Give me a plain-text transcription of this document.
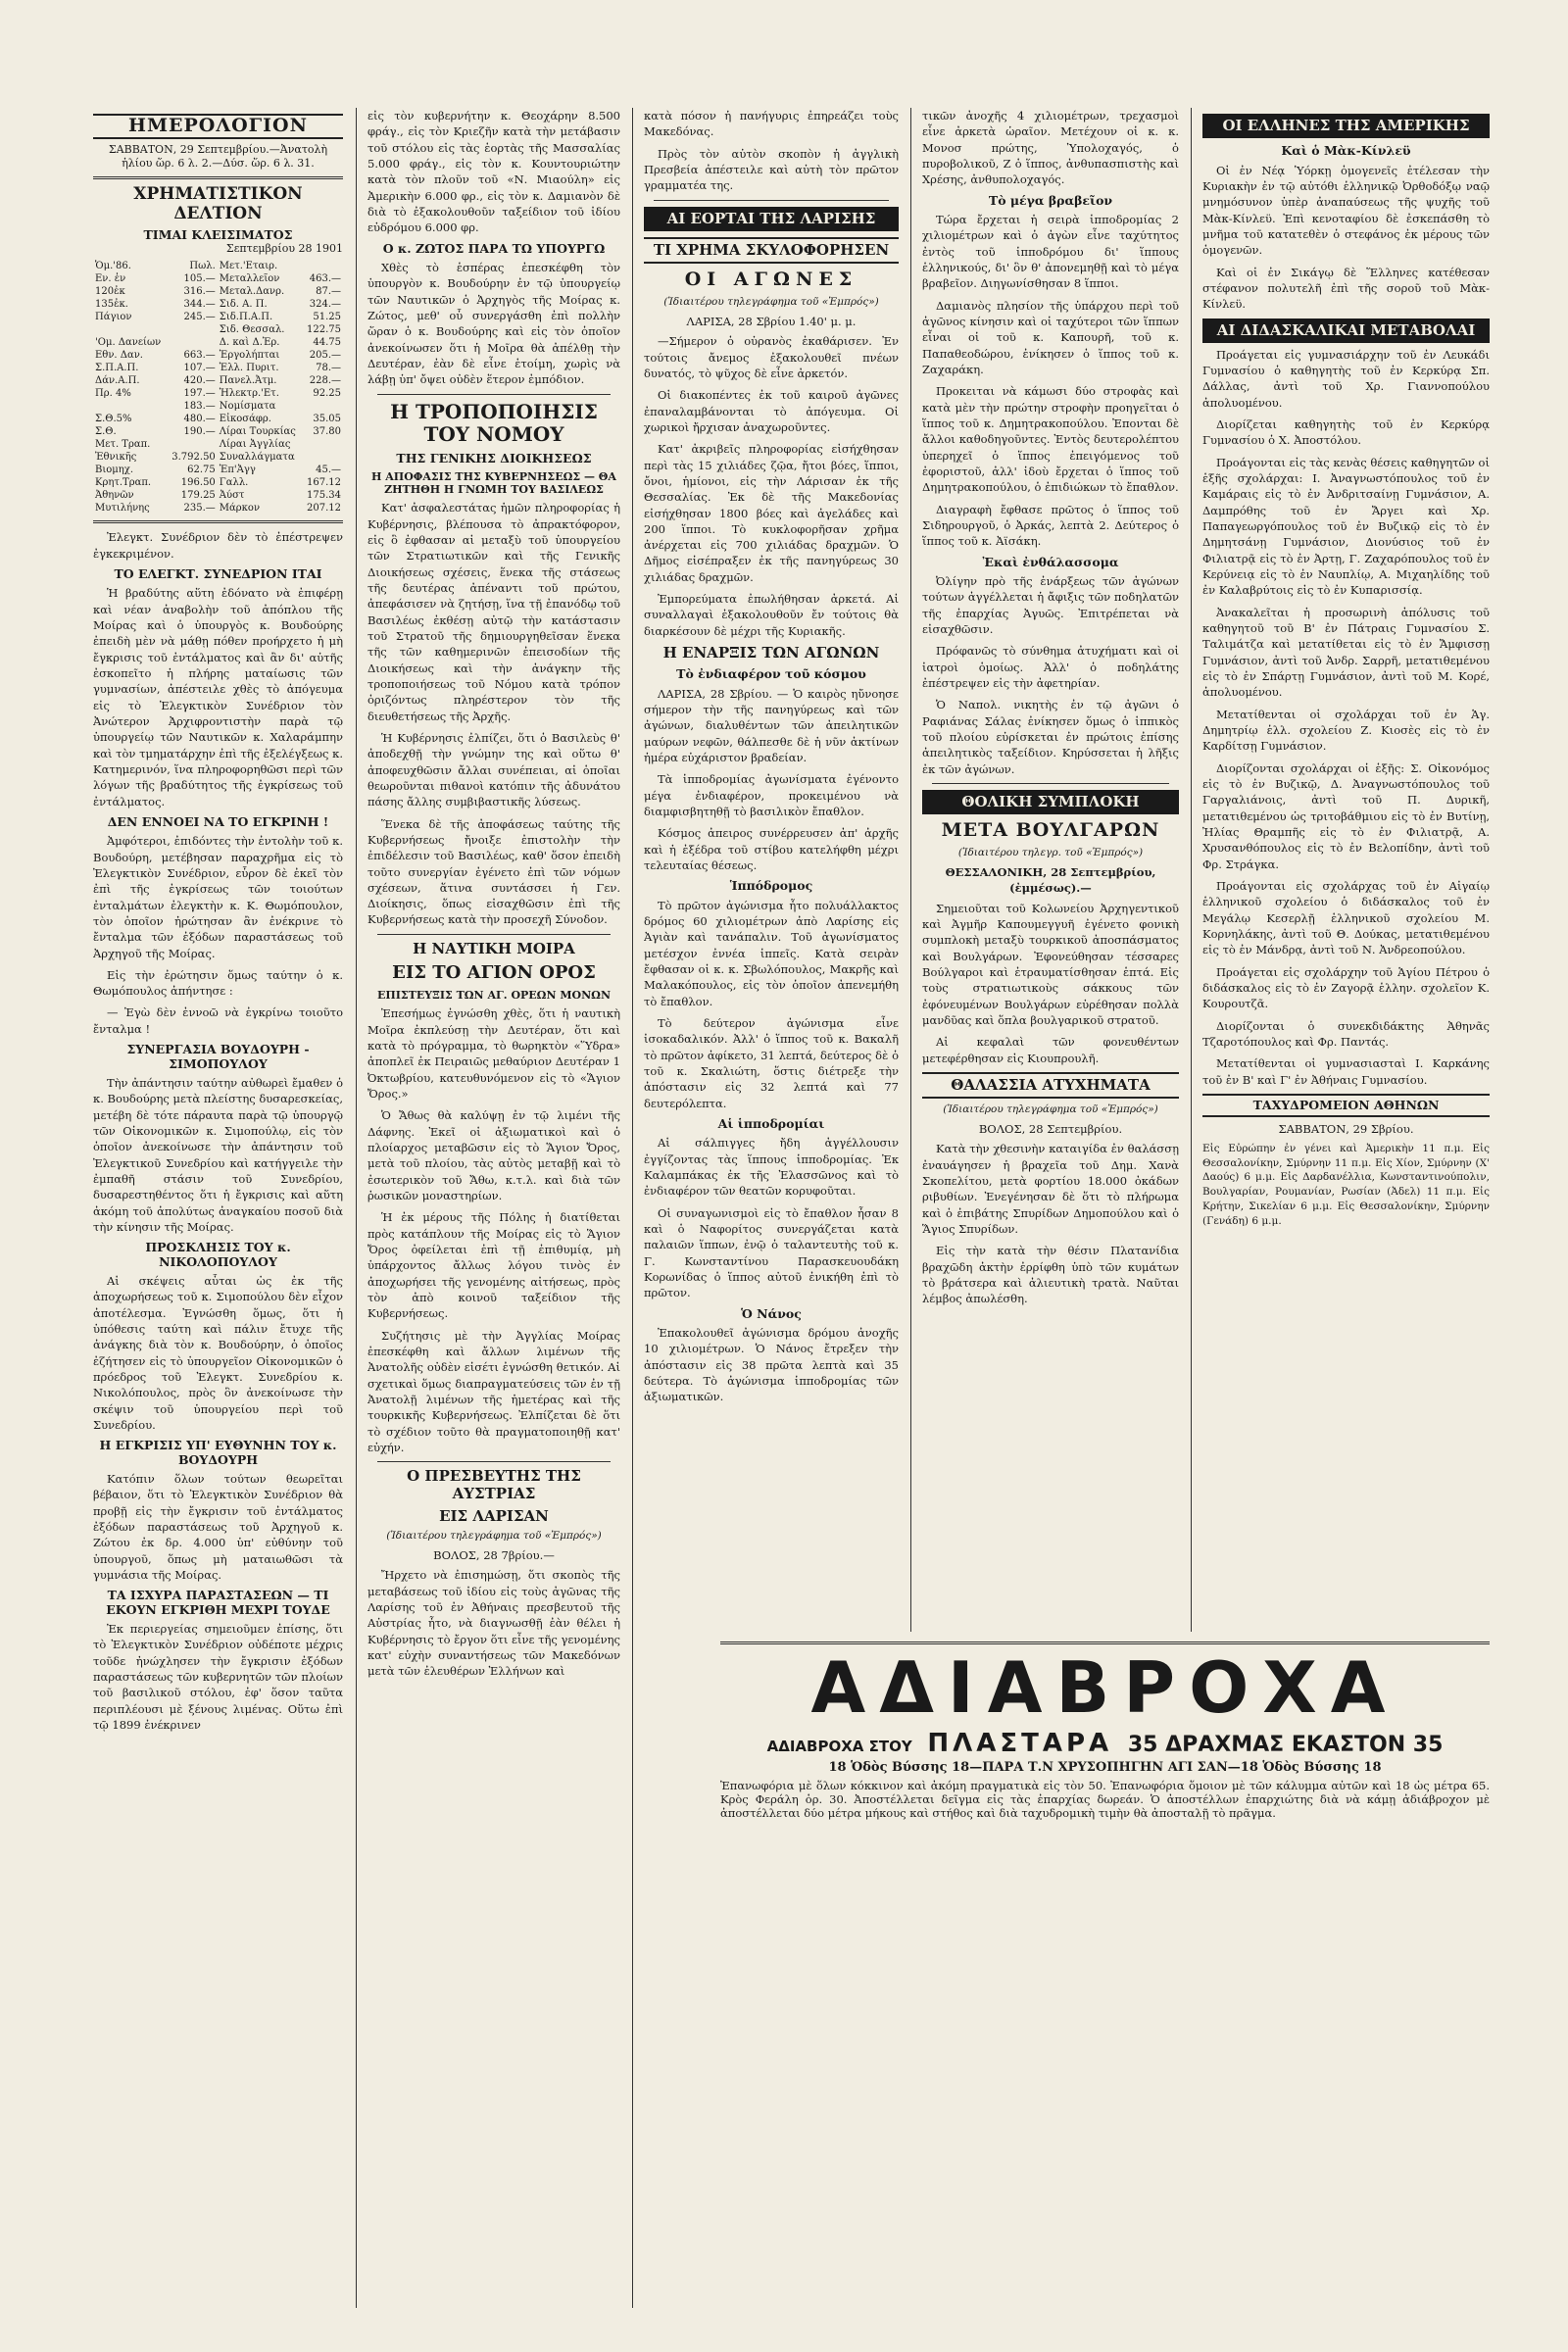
ΗΜΕΡΟΛΟΓΙΟΝ
ΣΑΒΒΑΤΟΝ, 29 Σεπτεμβρίου.—Ἀνατολὴ ἡλίου ὥρ. 6 λ. 2.—Δύσ. ὥρ. 6 λ. 31.
ΧΡΗΜΑΤΙΣΤΙΚΟΝ ΔΕΛΤΙΟΝ
ΤΙΜΑΙ ΚΛΕΙΣΙΜΑΤΟΣ
Σεπτεμβρίου 28 1901
Ὁμ.'86.	Πωλ.	Μετ.'Εταιρ.	
Εν. ἐν	105.—	Μεταλλεῖον	463.—
120ἐκ	316.—	Μεταλ.Δανρ.	87.—
135ἐκ.	344.—	Σιδ. Α. Π.	324.—
Πάγιον	245.—	Σιδ.Π.Α.Π.	51.25
		Σιδ. Θεσσαλ.	122.75
'Ομ. Δανείων		Δ. καὶ Δ.Ἐρ.	44.75
Εθν. Δαν.	663.—	Ἐργολήπται	205.—
Σ.Π.Α.Π.	107.—	Ἑλλ. Πυριτ.	78.—
Δάν.Α.Π.	420.—	Πανελ.Ἀτμ.	228.—
Πρ. 4%	197.—	Ἠλεκτρ.'Ετ.	92.25
	183.—	Νομίσματα	
Σ.Θ.5%	480.—	Εἰκοσάφρ.	35.05
Σ.Θ.	190.—	Λίραι Τουρκίας	37.80
Μετ. Τραπ.		Λίραι Ἀγγλίας	
Ἐθνικῆς	3.792.50	Συναλλάγματα	
Βιομηχ.	62.75	Ἐπ'Ἀγγ	45.—
Κρητ.Τραπ.	196.50	Γαλλ.	167.12
Ἀθηνῶν	179.25	Ἀύστ	175.34
Μυτιλήνης	235.—	Μάρκον	207.12

Ἐλεγκτ. Συνέδριον δὲν τὸ ἐπέστρεψεν ἐγκεκριμένον.

ΤΟ ΕΛΕΓΚΤ. ΣΥΝΕΔΡΙΟΝ ΙΤΑΙ

Ἡ βραδύτης αὕτη ἐδόνατο νὰ ἐπιφέρῃ καὶ νέαν ἀναβολὴν τοῦ ἀπόπλου τῆς Μοίρας καὶ ὁ ὑπουργὸς κ. Βουδούρης ἐπειδὴ μὲν νὰ μάθῃ πόθεν προήρχετο ἡ μὴ ἔγκρισις τοῦ ἐντάλματος καὶ ἂν δι' αὐτῆς ἐσκοπεῖτο ἡ πλήρης ματαίωσις τῶν γυμνασίων, ἀπέστειλε χθὲς τὸ ἀπόγευμα εἰς τὸ Ἐλεγκτικὸν Συνέδριον τὸν Ἀνώτερον Ἀρχιφροντιστὴν παρὰ τῷ ὑπουργείῳ τῶν Ναυτικῶν κ. Χαλαράμπην καὶ τὸν τμηματάρχην ἐπὶ τῆς ἐξελέγξεως κ. Κατημερινόν, ἵνα πληροφορηθῶσι περὶ τῶν λόγων τῆς βραδύτητος τῆς ἐγκρίσεως τοῦ ἐντάλματος.

ΔΕΝ ΕΝΝΟΕΙ ΝΑ ΤΟ ΕΓΚΡΙΝΗ !

Ἀμφότεροι, ἐπιδόντες τὴν ἐντολὴν τοῦ κ. Βουδούρη, μετέβησαν παραχρῆμα εἰς τὸ Ἐλεγκτικὸν Συνέδριον, εὗρον δὲ ἐκεῖ τὸν ἐπὶ τῆς ἐγκρίσεως τῶν τοιούτων ἐνταλμάτων ἐλεγκτὴν κ. Κ. Θωμόπουλον, τὸν ὁποῖον ἠρώτησαν ἂν ἐνέκρινε τὸ ἔνταλμα τῶν ἐξόδων παραστάσεως τοῦ Ἀρχηγοῦ τῆς Μοίρας.

Εἰς τὴν ἐρώτησιν ὅμως ταύτην ὁ κ. Θωμόπουλος ἀπήντησε :

— Ἐγὼ δὲν ἐννοῶ νὰ ἐγκρίνω τοιοῦτο ἔνταλμα !

ΣΥΝΕΡΓΑΣΙΑ ΒΟΥΔΟΥΡΗ - ΣΙΜΟΠΟΥΛΟΥ

Τὴν ἀπάντησιν ταύτην αὐθωρεὶ ἔμαθεν ὁ κ. Βουδούρης μετὰ πλείστης δυσαρεσκείας, μετέβη δὲ τότε πάραυτα παρὰ τῷ ὑπουργῷ τῶν Οἰκονομικῶν κ. Σιμοπούλῳ, εἰς τὸν ὁποῖον ἀνεκοίνωσε τὴν ἀπάντησιν τοῦ Ἐλεγκτικοῦ Συνεδρίου καὶ κατήγγειλε τὴν ἐμπαθῆ στάσιν τοῦ Συνεδρίου, δυσαρεστηθέντος ὅτι ἡ ἔγκρισις καὶ αὕτη ἀκόμη τοῦ ἀπολύτως ἀναγκαίου ποσοῦ διὰ τὴν κίνησιν τῆς Μοίρας.

ΠΡΟΣΚΛΗΣΙΣ ΤΟΥ κ. ΝΙΚΟΛΟΠΟΥΛΟΥ

Αἱ σκέψεις αὗται ὡς ἐκ τῆς ἀποχωρήσεως τοῦ κ. Σιμοπούλου δὲν εἶχον ἀποτέλεσμα. Ἐγνώσθη ὅμως, ὅτι ἡ ὑπόθεσις ταύτη καὶ πάλιν ἔτυχε τῆς ἀνάγκης διὰ τὸν κ. Βουδούρην, ὁ ὁποῖος ἐζήτησεν εἰς τὸ ὑπουργεῖον Οἰκονομικῶν ὁ πρόεδρος τοῦ Ἐλεγκτ. Συνεδρίου κ. Νικολόπουλος, πρὸς ὃν ἀνεκοίνωσε τὴν σκέψιν τοῦ ὑπουργείου περὶ τοῦ Συνεδρίου.

Η ΕΓΚΡΙΣΙΣ ΥΠ' ΕΥΘΥΝΗΝ ΤΟΥ κ. ΒΟΥΔΟΥΡΗ

Κατόπιν ὅλων τούτων θεωρεῖται βέβαιον, ὅτι τὸ Ἐλεγκτικὸν Συνέδριον θὰ προβῇ εἰς τὴν ἔγκρισιν τοῦ ἐντάλματος ἐξόδων παραστάσεως τοῦ Ἀρχηγοῦ κ. Ζώτου ἐκ δρ. 4.000 ὑπ' εὐθύνην τοῦ ὑπουργοῦ, ὅπως μὴ ματαιωθῶσι τὰ γυμνάσια τῆς Μοίρας.

ΤΑ ΙΣΧΥΡΑ ΠΑΡΑΣΤΑΣΕΩΝ — ΤΙ ΕΚΟΥΝ ΕΓΚΡΙΘΗ ΜΕΧΡΙ ΤΟΥΔΕ

Ἐκ περιεργείας σημειοῦμεν ἐπίσης, ὅτι τὸ Ἐλεγκτικὸν Συνέδριον οὐδέποτε μέχρις τοῦδε ἠνώχλησεν τὴν ἔγκρισιν ἐξόδων παραστάσεως τῶν κυβερνητῶν τῶν πλοίων τοῦ βασιλικοῦ στόλου, ἐφ' ὅσον ταῦτα περιπλέουσι μὲ ξένους λιμένας. Οὕτω ἐπὶ τῷ 1899 ἐνέκρινεν

εἰς τὸν κυβερνήτην κ. Θεοχάρην 8.500 φράγ., εἰς τὸν Κριεζῆν κατὰ τὴν μετάβασιν τοῦ στόλου εἰς τὰς ἑορτὰς τῆς Μασσαλίας 5.000 φράγ., εἰς τὸν κ. Κουντουριώτην κατὰ τὸν πλοῦν τοῦ «Ν. Μιαούλη» εἰς Ἀμερικὴν 6.000 φρ., εἰς τὸν κ. Δαμιανὸν δὲ διὰ τὸ ἐξακολουθοῦν ταξείδιον τοῦ ἰδίου εὐδρόμου 6.000 φρ.

Ο κ. ΖΩΤΟΣ ΠΑΡΑ ΤΩ ΥΠΟΥΡΓΩ

Χθὲς τὸ ἑσπέρας ἐπεσκέφθη τὸν ὑπουργὸν κ. Βουδούρην ἐν τῷ ὑπουργείῳ τῶν Ναυτικῶν ὁ Ἀρχηγὸς τῆς Μοίρας κ. Ζώτος, μεθ' οὗ συνεργάσθη ἐπὶ πολλὴν ὥραν ὁ κ. Βουδούρης καὶ εἰς τὸν ὁποῖον ἀνεκοίνωσεν ὅτι ἡ Μοῖρα θὰ ἀπέλθῃ τὴν Δευτέραν, ἐὰν δὲ εἶνε ἑτοίμη, χωρὶς νὰ λάβῃ ὑπ' ὄψει οὐδὲν ἕτερον ἐμπόδιον.

Η ΤΡΟΠΟΠΟΙΗΣΙΣ ΤΟΥ ΝΟΜΟΥ
ΤΗΣ ΓΕΝΙΚΗΣ ΔΙΟΙΚΗΣΕΩΣ
Η ΑΠΟΦΑΣΙΣ ΤΗΣ ΚΥΒΕΡΝΗΣΕΩΣ — ΘΑ ΖΗΤΗΘΗ Η ΓΝΩΜΗ ΤΟΥ ΒΑΣΙΛΕΩΣ

Κατ' ἀσφαλεστάτας ἡμῶν πληροφορίας ἡ Κυβέρνησις, βλέπουσα τὸ ἀπρακτόφορον, εἰς ὃ ἐφθασαν αἱ μεταξὺ τοῦ ὑπουργείου τῶν Στρατιωτικῶν καὶ τῆς Γενικῆς Διοικήσεως σχέσεις, ἕνεκα τῆς στάσεως τῆς δευτέρας ἀπέναντι τοῦ πρώτου, ἀπεφάσισεν νὰ ζητήσῃ, ἵνα τῇ ἐπανόδῳ τοῦ Βασιλέως ἐκθέσῃ αὐτῷ τὴν κατάστασιν τοῦ Στρατοῦ τῆς δημιουργηθεῖσαν ἕνεκα τῆς τῶν καθημερινῶν ἐπεισοδίων τῆς Διοικήσεως καὶ τὴν ἀνάγκην τῆς τροποποιήσεως τοῦ Νόμου κατὰ τρόπον ὁριζόντως πληρέστερον τὸν τῆς διευθετήσεως τῆς Ἀρχῆς.

Ἡ Κυβέρνησις ἐλπίζει, ὅτι ὁ Βασιλεὺς θ' ἀποδεχθῇ τὴν γνώμην της καὶ οὕτω θ' ἀποφευχθῶσιν ἄλλαι συνέπειαι, αἱ ὁποῖαι θεωροῦνται πιθανοὶ κατόπιν τῆς ἀδυνάτου πάσης ἄλλης συμβιβαστικῆς λύσεως.

Ἕνεκα δὲ τῆς ἀποφάσεως ταύτης τῆς Κυβερνήσεως ἤνοιξε ἐπιστολὴν τὴν ἐπιδέλεσιν τοῦ Βασιλέως, καθ' ὅσον ἐπειδὴ τοῦτο συνεργίαν ἐγένετο ἐπὶ τῶν νόμων σχέσεων, ἅτινα συντάσσει ἡ Γεν. Διοίκησις, ὅπως εἰσαχθῶσιν ἐπὶ τῆς Κυβερνήσεως κατὰ τὴν προσεχῆ Σύνοδον.

Η ΝΑΥΤΙΚΗ ΜΟΙΡΑ
ΕΙΣ ΤΟ ΑΓΙΟΝ ΟΡΟΣ
ΕΠΙΣΤΕΥΞΙΣ ΤΩΝ ΑΓ. ΟΡΕΩΝ ΜΟΝΩΝ

Ἐπεσήμως ἐγνώσθη χθὲς, ὅτι ἡ ναυτικὴ Μοῖρα ἐκπλεύσῃ τὴν Δευτέραν, ὅτι καὶ κατὰ τὸ πρόγραμμα, τὸ θωρηκτὸν «Ὕδρα» ἀποπλεῖ ἐκ Πειραιῶς μεθαύριον Δευτέραν 1 Ὀκτωβρίου, κατευθυνόμενον εἰς τὸ «Ἅγιον Ὄρος.»

Ὁ Ἄθως θὰ καλύψῃ ἐν τῷ λιμένι τῆς Δάφνης. Ἐκεῖ οἱ ἀξιωματικοὶ καὶ ὁ πλοίαρχος μεταβῶσιν εἰς τὸ Ἅγιον Ὄρος, μετὰ τοῦ πλοίου, τὰς αὐτὸς μεταβῇ καὶ τὸ ἐσωτερικὸν τοῦ Ἄθω, κ.τ.λ. καὶ διὰ τῶν ῥωσικῶν μοναστηρίων.

Ἡ ἐκ μέρους τῆς Πόλης ἡ διατίθεται πρὸς κατάπλουν τῆς Μοίρας εἰς τὸ Ἅγιον Ὄρος ὀφείλεται ἐπὶ τῇ ἐπιθυμίᾳ, μὴ ὑπάρχοντος ἄλλως λόγου τινὸς ἐν ἀποχωρήσει τῆς γενομένης αἰτήσεως, πρὸς τὸν ἀπὸ κοινοῦ ταξείδιον τῆς Κυβερνήσεως.

Συζήτησις μὲ τὴν Ἀγγλίας Μοίρας ἐπεσκέφθη καὶ ἄλλων λιμένων τῆς Ἀνατολῆς οὐδὲν εἰσέτι ἐγνώσθη θετικόν. Αἱ σχετικαὶ ὅμως διαπραγματεύσεις τῶν ἐν τῇ Ἀνατολῇ λιμένων τῆς ἡμετέρας καὶ τῆς τουρκικῆς Κυβερνήσεως. Ἐλπίζεται δὲ ὅτι τὸ σχέδιον τοῦτο θὰ πραγματοποιηθῇ κατ' εὐχήν.

Ο ΠΡΕΣΒΕΥΤΗΣ ΤΗΣ ΑΥΣΤΡΙΑΣ
ΕΙΣ ΛΑΡΙΣΑΝ
(Ἰδιαιτέρου τηλεγράφημα τοῦ «Ἐμπρός»)
ΒΟΛΟΣ, 28 7βρίου.—

Ἤρχετο νὰ ἐπισημώσῃ, ὅτι σκοπὸς τῆς μεταβάσεως τοῦ ἰδίου εἰς τοὺς ἀγῶνας τῆς Λαρίσης τοῦ ἐν Ἀθήναις πρεσβευτοῦ τῆς Αὐστρίας ἦτο, νὰ διαγνωσθῇ ἐὰν θέλει ἡ Κυβέρνησις τὸ ἔργον ὅτι εἶνε τῆς γενομένης κατ' εὐχὴν συναντήσεως τῶν Μακεδόνων μετὰ τῶν ἐλευθέρων Ἑλλήνων καὶ

κατὰ πόσον ἡ πανήγυρις ἐπηρεάζει τοὺς Μακεδόνας.

Πρὸς τὸν αὐτὸν σκοπὸν ἡ ἀγγλικὴ Πρεσβεία ἀπέστειλε καὶ αὐτὴ τὸν πρῶτον γραμματέα της.

ΑΙ ΕΟΡΤΑΙ ΤΗΣ ΛΑΡΙΣΗΣ
ΤΙ ΧΡΗΜΑ ΣΚΥΛΟΦΟΡΗΣΕΝ
ΟΙ ΑΓΩΝΕΣ
(Ἰδιαιτέρου τηλεγράφημα τοῦ «Ἐμπρός»)
ΛΑΡΙΣΑ, 28 Σβρίου 1.40' μ. μ.

—Σήμερον ὁ οὐρανὸς ἐκαθάρισεν. Ἐν τούτοις ἄνεμος ἐξακολουθεῖ πνέων δυνατός, τὸ ψῦχος δὲ εἶνε ἀρκετόν.

Οἱ διακοπέντες ἐκ τοῦ καιροῦ ἀγῶνες ἐπαναλαμβάνονται τὸ ἀπόγευμα. Οἱ χωρικοὶ ἤρχισαν ἀναχωροῦντες.

Κατ' ἀκριβεῖς πληροφορίας εἰσήχθησαν περὶ τὰς 15 χιλιάδες ζῷα, ἤτοι βόες, ἵπποι, ὄνοι, ἡμίονοι, εἰς τὴν Λάρισαν ἐκ τῆς Θεσσαλίας. Ἐκ δὲ τῆς Μακεδονίας εἰσήχθησαν 1800 βόες καὶ ἀγελάδες καὶ 200 ἵπποι. Τὸ κυκλοφορῆσαν χρῆμα ἀνέρχεται εἰς 700 χιλιάδας δραχμῶν. Ὁ Δῆμος εἰσέπραξεν ἐκ τῆς πανηγύρεως 30 χιλιάδας δραχμῶν.

Ἐμπορεύματα ἐπωλήθησαν ἀρκετά. Αἱ συναλλαγαὶ ἐξακολουθοῦν ἔν τούτοις θὰ διαρκέσουν δὲ μέχρι τῆς Κυριακῆς.

Η ΕΝΑΡΞΙΣ ΤΩΝ ΑΓΩΝΩΝ
Τὸ ἐνδιαφέρον τοῦ κόσμου

ΛΑΡΙΣΑ, 28 Σβρίου. — Ὁ καιρὸς ηὔνοησε σήμερον τὴν τῆς πανηγύρεως καὶ τῶν ἀγώνων, διαλυθέντων τῶν ἀπειλητικῶν μαύρων νεφῶν, θάλπεσθε δὲ ἡ νῦν ἀκτίνων ἡμέρα εὐχάριστον βραδείαν.

Τὰ ἱπποδρομίας ἀγωνίσματα ἐγένοντο μέγα ἐνδιαφέρον, προκειμένου νὰ διαμφισβητηθῇ τὸ βασιλικὸν ἔπαθλον.

Κόσμος ἀπειρος συνέρρευσεν ἀπ' ἀρχῆς καὶ ἡ ἐξέδρα τοῦ στίβου κατελήφθη μέχρι τελευταίας θέσεως.

Ἱππόδρομος

Τὸ πρῶτον ἀγώνισμα ἦτο πολυάλλακτος δρόμος 60 χιλιομέτρων ἀπὸ Λαρίσης εἰς Ἀγιὰν καὶ τανάπαλιν. Τοῦ ἀγωνίσματος μετέσχον ἐννέα ἱππεῖς. Κατὰ σειρὰν ἔφθασαν οἱ κ. κ. Σβωλόπουλος, Μακρῆς καὶ Μαλακόπουλος, εἰς τὸν ὁποῖον ἀπενεμήθη τὸ ἔπαθλον.

Τὸ δεύτερον ἀγώνισμα εἶνε ἰσοκαδαλικόν. Ἀλλ' ὁ ἵππος τοῦ κ. Βακαλῆ τὸ πρῶτον ἀφίκετο, 31 λεπτά, δεύτερος δὲ ὁ τοῦ κ. Σκαλιώτη, ὅστις διέτρεξε τὴν ἀπόστασιν εἰς 32 λεπτά καὶ 77 δευτερόλεπτα.

Αἱ ἱπποδρομίαι

Αἱ σάλπιγγες ἤδη ἀγγέλλουσιν ἐγγίζοντας τὰς ἵππους ἱπποδρομίας. Ἐκ Καλαμπάκας ἐκ τῆς Ἐλασσῶνος καὶ τὸ ἐνδιαφέρον τῶν θεατῶν κορυφοῦται.

Οἱ συναγωνισμοὶ εἰς τὸ ἔπαθλον ἦσαν 8 καὶ ὁ Ναφορίτος συνεργάζεται κατὰ παλαιῶν ἵππων, ἐνῷ ὁ ταλαντευτὴς τοῦ κ. Γ. Κωνσταντίνου Παρασκευουδάκη Κορωνίδας ὁ ἵππος αὐτοῦ ἐνικήθη ἐπὶ τὸ πρῶτον.

Ὁ Νάνος

Ἐπακολουθεῖ ἀγώνισμα δρόμου ἀνοχῆς 10 χιλιομέτρων. Ὁ Νάνος ἔτρεξεν τὴν ἀπόστασιν εἰς 38 πρῶτα λεπτὰ καὶ 35 δεύτερα. Τὸ ἀγώνισμα ἱπποδρομίας τῶν ἀξιωματικῶν.

τικῶν ἀνοχῆς 4 χιλιομέτρων, τρεχασμοὶ εἶνε ἀρκετὰ ὡραῖον. Μετέχουν οἱ κ. κ. Μονοσ πρώτης, Ὑπολοχαγός, ὁ πυροβολικοῦ, Ζ ὁ ἵππος, ἀνθυπασπιστὴς καὶ Χρέσης, ἀνθυπολοχαγός.

Τὸ μέγα βραβεῖον

Τώρα ἔρχεται ἡ σειρὰ ἱπποδρομίας 2 χιλιομέτρων καὶ ὁ ἀγὼν εἶνε ταχύτητος ἐντὸς τοῦ ἱπποδρόμου δι' ἵππους ἑλληνικούς, δι' ὃν θ' ἀπονεμηθῇ καὶ τὸ μέγα βραβεῖον. Διηγωνίσθησαν 8 ἵπποι.

Δαμιανὸς πλησίον τῆς ὑπάρχου περὶ τοῦ ἀγῶνος κίνησιν καὶ οἱ ταχύτεροι τῶν ἵππων εἶναι οἱ τοῦ κ. Καπουρῆ, τοῦ κ. Παπαθεοδώρου, ἐνίκησεν ὁ ἵππος τοῦ κ. Ζαχαράκη.

Προκειται νὰ κάμωσι δύο στροφὰς καὶ κατὰ μὲν τὴν πρώτην στροφὴν προηγεῖται ὁ ἵππος τοῦ κ. Δημητρακοπούλου. Ἐπονται δὲ ἄλλοι καθοδηγοῦντες. Ἐντὸς δευτερολέπτου ὑπερηχεῖ ὁ ἵππος ἐπειγόμενος τοῦ ἐφοριστοῦ, ἀλλ' ἰδοὺ ἔρχεται ὁ ἵππος τοῦ Δημητρακοπούλου, ὁ ἐπιδιώκων τὸ ἔπαθλον.

Διαγραφὴ ἔφθασε πρῶτος ὁ ἵππος τοῦ Σιδηρουργοῦ, ὁ Ἀρκάς, λεπτὰ 2. Δεύτερος ὁ ἵππος τοῦ κ. Ἀϊσάκη.

Ἐκαὶ ἐνθάλασσομα

Ὀλίγην πρὸ τῆς ἐνάρξεως τῶν ἀγώνων τούτων ἀγγέλλεται ἡ ἄφιξις τῶν ποδηλατῶν τῆς ἐπαρχίας Ἀγυῶς. Ἐπιτρέπεται νὰ εἰσαχθῶσιν.

Πρόφανῶς τὸ σύνθημα ἀτυχήματι καὶ οἱ ἰατροὶ ὁμοίως. Ἀλλ' ὁ ποδηλάτης ἐπέστρεψεν εἰς τὴν ἀφετηρίαν.

Ὁ Ναπολ. νικητὴς ἐν τῷ ἀγῶνι ὁ Ραφιάνας Σάλας ἐνίκησεν ὅμως ὁ ἱππικὸς τοῦ πλοίου εὐρίσκεται ἐν πρώτοις ἐπίσης ἀπειλητικὸς ταξείδιον. Κηρύσσεται ἡ λῆξις ἐκ τῶν ἀγώνων.

ΘΟΛΙΚΗ ΣΥΜΠΛΟΚΗ
ΜΕΤΑ ΒΟΥΛΓΑΡΩΝ
(Ἰδιαιτέρου τηλεγρ. τοῦ «Ἐμπρός»)
ΘΕΣΣΑΛΟΝΙΚΗ, 28 Σεπτεμβρίου, (ἐμμέσως).—

Σημειοῦται τοῦ Κολωνείου Ἀρχηγεντικοῦ καὶ Ἀγμῆρ Καπουμεγγυῆ ἐγένετο φονικὴ συμπλοκὴ μεταξὺ τουρκικοῦ ἀποσπάσματος καὶ Βουλγάρων. Ἐφονεύθησαν τέσσαρες Βούλγαροι καὶ ἐτραυματίσθησαν ἑπτά. Εἰς τοὺς στρατιωτικοὺς σάκκους τῶν ἐφόνευμένων Βουλγάρων εὑρέθησαν πολλὰ μανδῦας καὶ ὅπλα βουλγαρικοῦ στρατοῦ.

Αἱ κεφαλαὶ τῶν φονευθέντων μετεφέρθησαν εἰς Κιουπρουλῆ.

ΘΑΛΑΣΣΙΑ ΑΤΥΧΗΜΑΤΑ
(Ἰδιαιτέρου τηλεγράφημα τοῦ «Ἐμπρός»)
ΒΟΛΟΣ, 28 Σεπτεμβρίου.

Κατὰ τὴν χθεσινὴν καταιγίδα ἐν θαλάσσῃ ἐναυάγησεν ἡ βραχεῖα τοῦ Δημ. Χανὰ Σκοπελίτου, μετὰ φορτίου 18.000 ὀκάδων ριβυθίων. Ἐνεγένησαν δὲ ὅτι τὸ πλήρωμα καὶ ὁ ἐπιβάτης Σπυρίδων Δημοπούλου καὶ ὁ Ἅγιος Σπυρίδων.

Εἰς τὴν κατὰ τὴν θέσιν Πλατανίδια βραχῶδη ἀκτὴν ἐρρίφθη ὑπὸ τῶν κυμάτων τὸ βράτσερα καὶ ἀλιευτικὴ τρατὰ. Ναῦται λέμβος ἀπωλέσθη.

ΟΙ ΕΛΛΗΝΕΣ ΤΗΣ ΑΜΕΡΙΚΗΣ
Καὶ ὁ Μὰκ-Κίνλεϋ

Οἱ ἐν Νέᾳ Ὑόρκῃ ὁμογενεῖς ἐτέλεσαν τὴν Κυριακὴν ἐν τῷ αὐτόθι ἑλληνικῷ Ὀρθοδόξῳ ναῷ μνημόσυνον ὑπὲρ ἀναπαύσεως τῆς ψυχῆς τοῦ Μὰκ-Κίνλεϋ. Ἐπὶ κενοταφίου δὲ ἐσκεπάσθη τὸ μνῆμα τοῦ κατατεθὲν ὁ στεφάνος ἐκ μέρους τῶν ὁμογενῶν.

Καὶ οἱ ἐν Σικάγῳ δὲ Ἕλληνες κατέθεσαν στέφανον πολυτελῆ ἐπὶ τῆς σοροῦ τοῦ Μὰκ-Κίνλεϋ.

ΑΙ ΔΙΔΑΣΚΑΛΙΚΑΙ ΜΕΤΑΒΟΛΑΙ

Προάγεται εἰς γυμνασιάρχην τοῦ ἐν Λευκάδι Γυμνασίου ὁ καθηγητὴς τοῦ ἐν Κερκύρᾳ Σπ. Δάλλας, ἀντὶ τοῦ Χρ. Γιαννοπούλου ἀπολυομένου.

Διορίζεται καθηγητὴς τοῦ ἐν Κερκύρᾳ Γυμνασίου ὁ Χ. Ἀποστόλου.

Προάγονται εἰς τὰς κενὰς θέσεις καθηγητῶν οἱ ἑξῆς σχολάρχαι: Ι. Ἀναγνωστόπουλος τοῦ ἐν Καμάραις εἰς τὸ ἐν Ἀνδριτσαίνῃ Γυμνάσιον, Α. Δαμπρόθης τοῦ ἐν Ἄργει καὶ Χρ. Παπαγεωργόπουλος τοῦ ἐν Βυζικῷ εἰς τὸ ἐν Δημητσάνῃ Γυμνάσιον, Διονύσιος τοῦ ἐν Φιλιατρᾷ εἰς τὸ ἐν Ἀρτῃ, Γ. Ζαχαρόπουλος τοῦ ἐν Κερύνειᾳ εἰς τὸ ἐν Ναυπλίῳ, Α. Μιχαηλίδης τοῦ ἐν Καλαβρύτοις εἰς τὸ ἐν Κυπαρισσίᾳ.

Ἀνακαλεῖται ἡ προσωρινὴ ἀπόλυσις τοῦ καθηγητοῦ τοῦ Β' ἐν Πάτραις Γυμνασίου Σ. Ταλιμάτζα καὶ μετατίθεται εἰς τὸ ἐν Ἄμφισσῃ Γυμνάσιον, ἀντὶ τοῦ Ἀνδρ. Σαρρῆ, μετατιθεμένου εἰς τὸ ἐν Σπάρτῃ Γυμνάσιον, ἀντὶ τοῦ Μ. Κορέ, ἀπολυομένου.

Μετατίθενται οἱ σχολάρχαι τοῦ ἐν Ἁγ. Δημητρίῳ ἑλλ. σχολείου Ζ. Κιοσὲς εἰς τὸ ἐν Καρδίτσῃ Γυμνάσιον.

Διορίζονται σχολάρχαι οἱ ἑξῆς: Σ. Οἰκονόμος εἰς τὸ ἐν Βυζικῷ, Δ. Ἀναγνωστόπουλος τοῦ Γαργαλιάνοις, ἀντὶ τοῦ Π. Δυρικῆ, μετατιθεμένου ὡς τριτοβάθμιου εἰς τὸ ἐν Βυτίνῃ, Ἠλίας Θραμπῆς εἰς τὸ ἐν Φιλιατρᾷ, Α. Χρυσανθόπουλος εἰς τὸ ἐν Βελοπίδην, ἀντὶ τοῦ Φρ. Στράγκα.

Προάγονται εἰς σχολάρχας τοῦ ἐν Αἰγαίῳ ἑλληνικοῦ σχολείου ὁ διδάσκαλος τοῦ ἐν Μεγάλῳ Κεσερλῇ ἑλληνικοῦ σχολείου Μ. Κορνηλάκης, ἀντὶ τοῦ Θ. Δούκας, μετατιθεμένου εἰς τὸ ἐν Μάνδρᾳ, ἀντὶ τοῦ Ν. Ἀνδρεοπούλου.

Προάγεται εἰς σχολάρχην τοῦ Ἁγίου Πέτρου ὁ διδάσκαλος εἰς τὸ ἐν Ζαγορᾷ ἑλλην. σχολεῖον Κ. Κουρουτζᾶ.

Διορίζονται ὁ συνεκδιδάκτης Ἀθηνᾶς Τζαροτόπουλος καὶ Φρ. Παντάς.

Μετατίθενται οἱ γυμνασιασταὶ Ι. Καρκάνης τοῦ ἐν Β' καὶ Γ' ἐν Ἀθήναις Γυμνασίου.

ΤΑΧΥΔΡΟΜΕΙΟΝ ΑΘΗΝΩΝ
ΣΑΒΒΑΤΟΝ, 29 Σβρίου.

Εἰς Εὐρώπην ἐν γένει καὶ Ἀμερικὴν 11 π.μ. Εἰς Θεσσαλονίκην, Σμύρνην 11 π.μ. Εἰς Χίον, Σμύρνην (Χ' Δαούς) 6 μ.μ. Εἰς Δαρδανέλλια, Κωνσταντινούπολιν, Βουλγαρίαν, Ρουμανίαν, Ρωσίαν (Ἀδελ) 11 π.μ. Εἰς Κρήτην, Σικελίαν 6 μ.μ. Εἰς Θεσσαλονίκην, Σμύρνην (Γενάδη) 6 μ.μ.

ΑΔΙΑΒΡΟΧΑ
ΑΔΙΑΒΡΟΧΑ ΣΤΟΥ ΠΛΑΣΤΑΡΑ 35 ΔΡΑΧΜΑΣ ΕΚΑΣΤΟΝ 35
18 Ὁδὸς Βύσσης 18—ΠΑΡΑ Τ.Ν ΧΡΥΣΟΠΗΓΗΝ ΑΓΙ ΣΑΝ—18 Ὁδὸς Βύσσης 18
Ἐπανωφόρια μὲ ὅλων κόκκινον καὶ ἀκόμη πραγματικὰ εἰς τὸν 50. Ἐπανωφόρια ὅμοιον μὲ τῶν κάλυμμα αὐτῶν καὶ 18 ὡς μέτρα 65. Κρὸς Φεράλη ὁρ. 30. Ἀποστέλλεται δεῖγμα εἰς τὰς ἐπαρχίας δωρεάν. Ὁ ἀποστέλλων ἐπαρχιώτης διὰ νὰ κάμῃ ἀδιάβροχον μὲ ἀποστέλλεται δύο μέτρα μήκους καὶ στήθος καὶ διὰ ταχυδρομικὴ τιμὴν θὰ ἀποσταλῇ τὸ πρᾶγμα.
